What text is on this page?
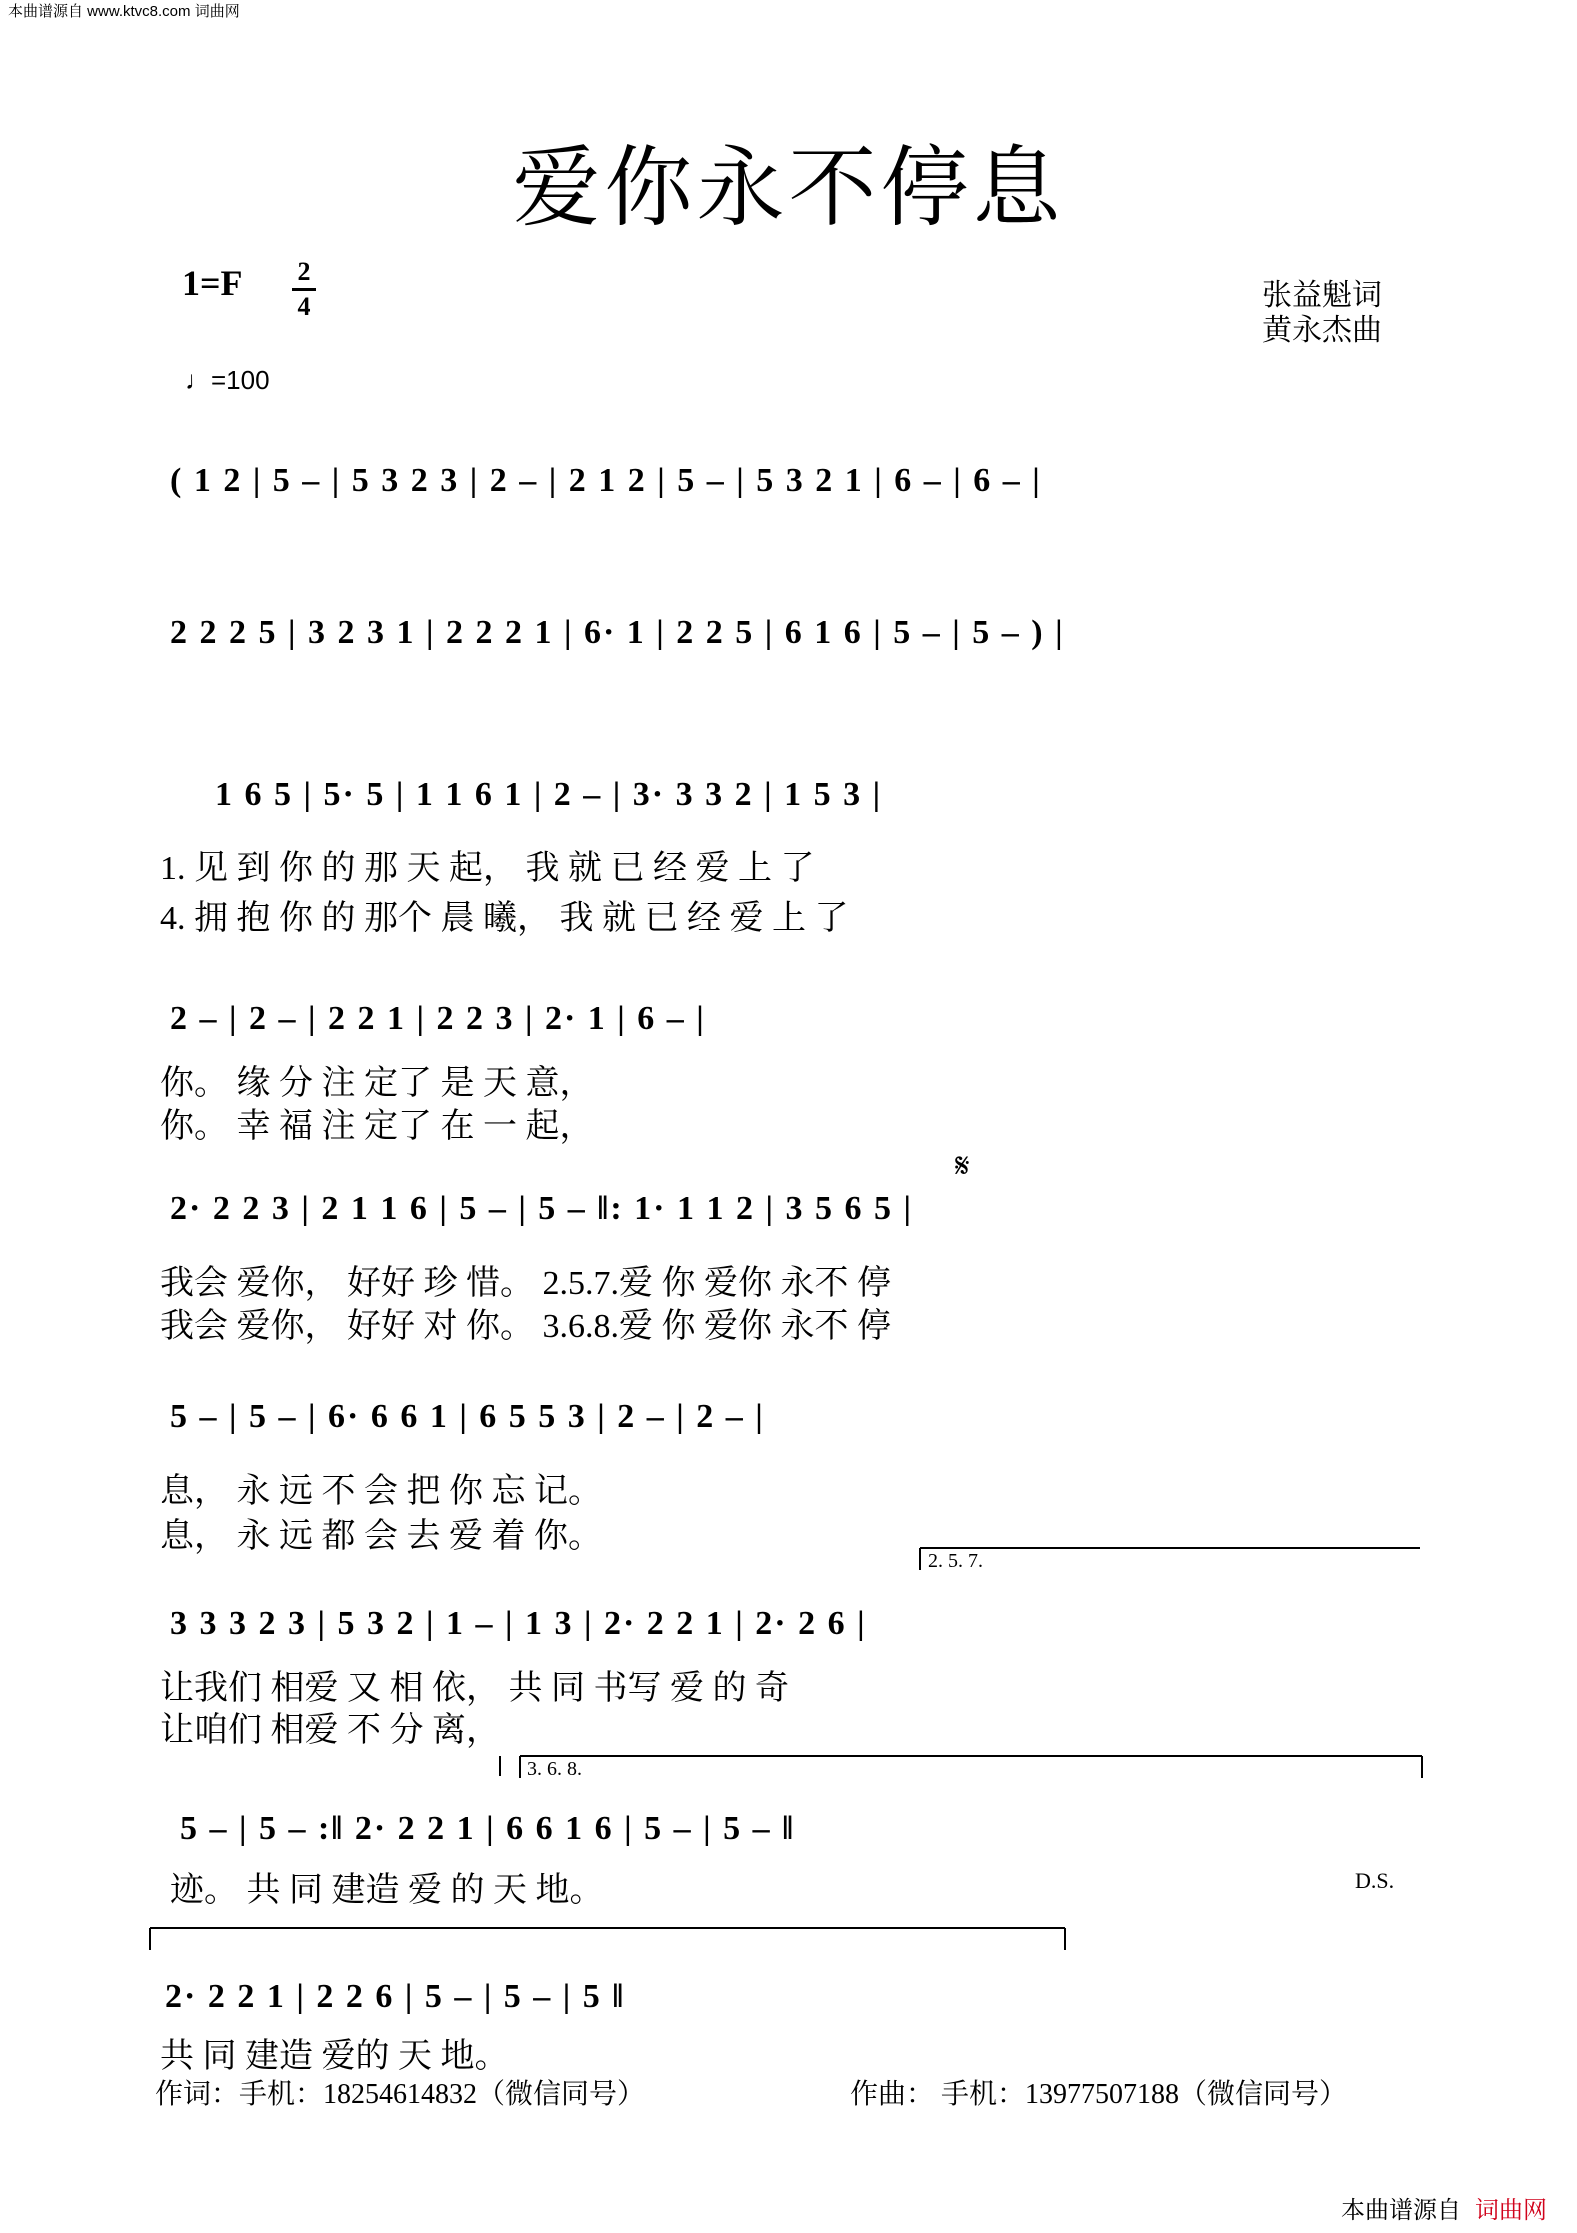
本曲谱源自 www.ktvc8.com 词曲网
爱你永不停息
1=F 2
4	张益魁词
黄永杰曲
♩=100
( 1 2 | 5 – | 5 3 2 3 | 2 – | 2 1 2 | 5 – | 5 3 2 1 | 6 – | 6 – |
2 2 2 5 | 3 2 3 1 | 2 2 2 1 | 6· 1 | 2 2 5 | 6 1 6 | 5 – | 5 – ) |
1 6 5 | 5· 5 | 1 1 6 1 | 2 – | 3· 3 3 2 | 1 5 3 |
1. 见 到 你 的 那 天 起， 我 就 已 经 爱 上 了
4. 拥 抱 你 的 那个 晨 曦， 我 就 已 经 爱 上 了
2 – | 2 – | 2 2 1 | 2 2 3 | 2· 1 | 6 – |
你。 缘 分 注 定了 是 天 意，
你。 幸 福 注 定了 在 一 起，
2· 2 2 3 | 2 1 1 6 | 5 – | 5 – ‖: 1· 1 1 2 | 3 5 6 5 |
我会 爱你， 好好 珍 惜。 2.5.7.爱 你 爱你 永不 停
我会 爱你， 好好 对 你。 3.6.8.爱 你 爱你 永不 停
5 – | 5 – | 6· 6 6 1 | 6 5 5 3 | 2 – | 2 – |
息， 永 远 不 会 把 你 忘 记。
息， 永 远 都 会 去 爱 着 你。
3 3 3 2 3 | 5 3 2 | 1 – | 1 3 | 2· 2 2 1 | 2· 2 6 |
让我们 相爱 又 相 依， 共 同 书写 爱 的 奇
让咱们 相爱 不 分 离，
5 – | 5 – :‖ 2· 2 2 1 | 6 6 1 6 | 5 – | 5 – ‖
迹。 共 同 建造 爱 的 天 地。	D.S.
2· 2 2 1 | 2 2 6 | 5 – | 5 – | 5 ‖
共 同 建造 爱的 天 地。
2. 5. 7.
3. 6. 8.
𝄋
作词：手机：18254614832（微信同号）	作曲： 手机：13977507188（微信同号）
本曲谱源自 词曲网
